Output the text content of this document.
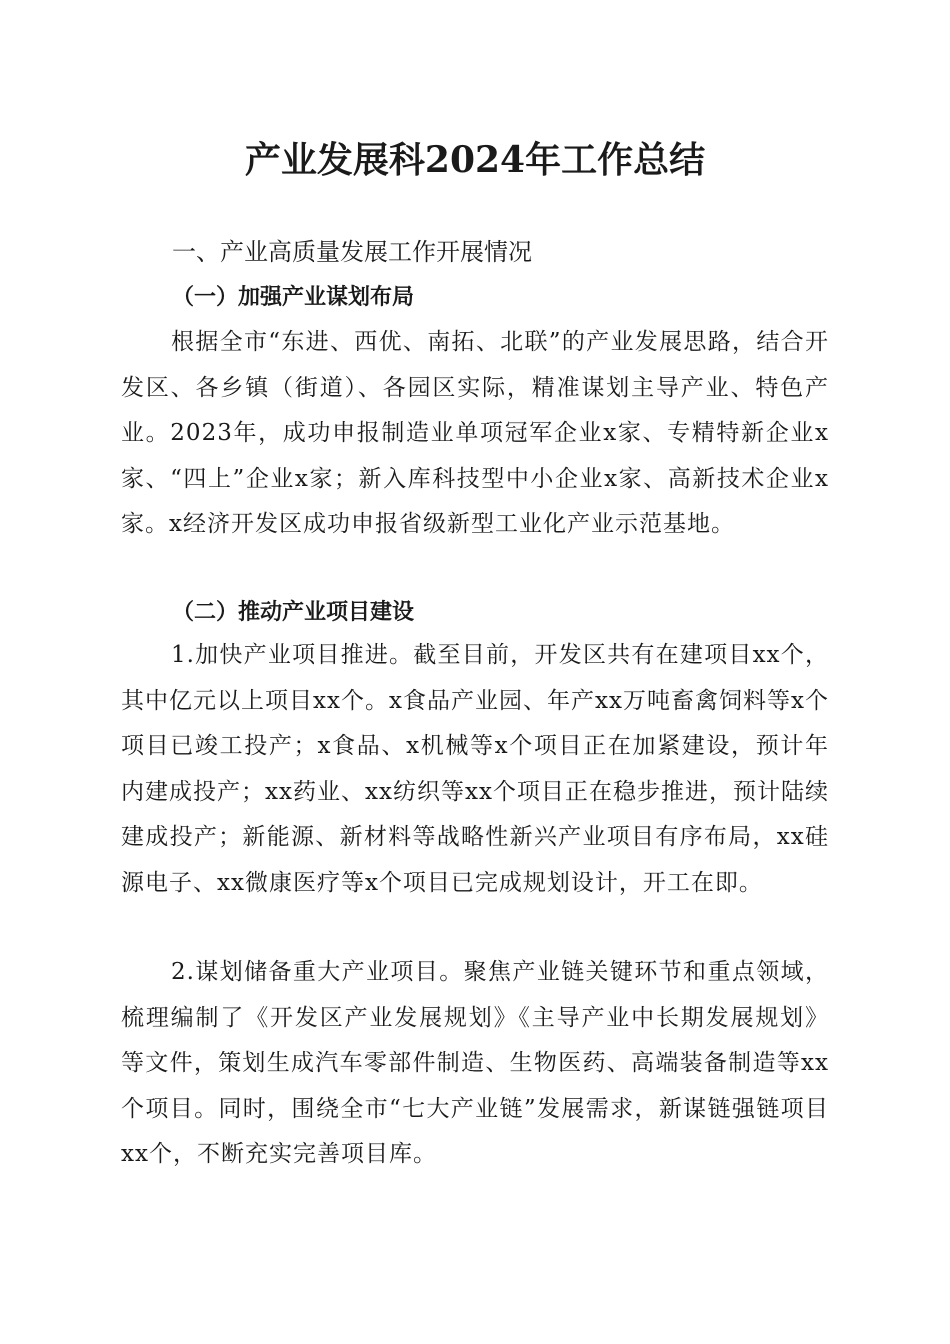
产业发展科2024年工作总结
一、产业高质量发展工作开展情况
（一）加强产业谋划布局
根据全市“东进、西优、南拓、北联”的产业发展思路，结合开发区、各乡镇（街道）、各园区实际，精准谋划主导产业、特色产业。2023年，成功申报制造业单项冠军企业x家、专精特新企业x家、“四上”企业x家；新入库科技型中小企业x家、高新技术企业x家。x经济开发区成功申报省级新型工业化产业示范基地。
（二）推动产业项目建设
1.加快产业项目推进。截至目前，开发区共有在建项目xx个，其中亿元以上项目xx个。x食品产业园、年产xx万吨畜禽饲料等x个项目已竣工投产；x食品、x机械等x个项目正在加紧建设，预计年内建成投产；xx药业、xx纺织等xx个项目正在稳步推进，预计陆续建成投产；新能源、新材料等战略性新兴产业项目有序布局，xx硅源电子、xx微康医疗等x个项目已完成规划设计，开工在即。
2.谋划储备重大产业项目。聚焦产业链关键环节和重点领域，梳理编制了《开发区产业发展规划》《主导产业中长期发展规划》等文件，策划生成汽车零部件制造、生物医药、高端装备制造等xx个项目。同时，围绕全市“七大产业链”发展需求，新谋链强链项目xx个，不断充实完善项目库。
